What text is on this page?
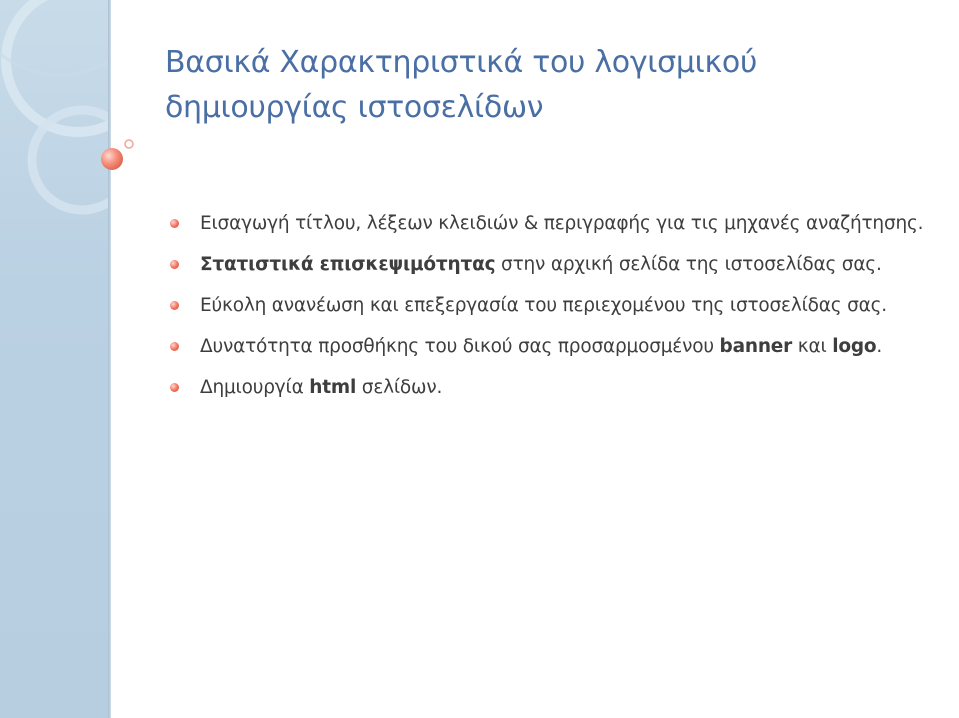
Βασικά Χαρακτηριστικά του λογισμικού δημιουργίας ιστοσελίδων
Εισαγωγή τίτλου, λέξεων κλειδιών & περιγραφής για τις μηχανές αναζήτησης.
Στατιστικά επισκεψιμότητας στην αρχική σελίδα της ιστοσελίδας σας.
Εύκολη ανανέωση και επεξεργασία του περιεχομένου της ιστοσελίδας σας.
Δυνατότητα προσθήκης του δικού σας προσαρμοσμένου banner και logo.
Δημιουργία html σελίδων.
